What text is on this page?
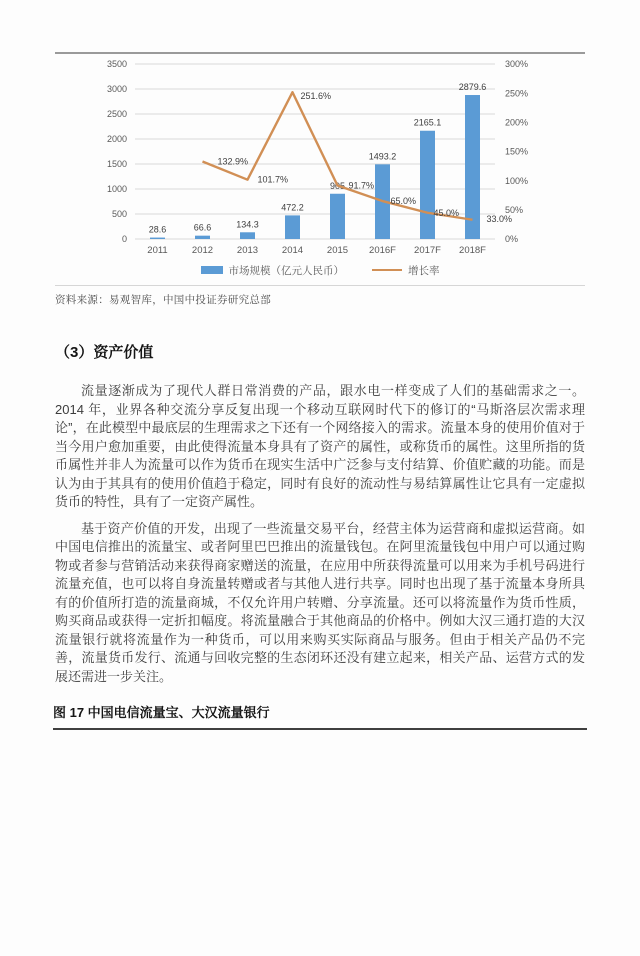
3500
3000
2500
2000
1500
1000
500
0
300%
250%
200%
150%
100%
50%
0%
2011	2012	2013	2014	2015 2016F 2017F 2018F
28.6	66.6	134.3
472.2
905
1493.2
2165.1
2879.6
132.9%
101.7%
251.6%
91.7%
65.0%
45.0%
33.0%
市场规模（亿元人民币）	增长率
资料来源：易观智库，中国中投证券研究总部
（3）资产价值

流量逐渐成为了现代人群日常消费的产品，跟水电一样变成了人们的基础需求之一。2014 年，业界各种交流分享反复出现一个移动互联网时代下的修订的“马斯洛层次需求理论”，在此模型中最底层的生理需求之下还有一个网络接入的需求。流量本身的使用价值对于当今用户愈加重要，由此使得流量本身具有了资产的属性，或称货币的属性。这里所指的货币属性并非人为流量可以作为货币在现实生活中广泛参与支付结算、价值贮藏的功能。而是认为由于其具有的使用价值趋于稳定，同时有良好的流动性与易结算属性让它具有一定虚拟货币的特性，具有了一定资产属性。

基于资产价值的开发，出现了一些流量交易平台，经营主体为运营商和虚拟运营商。如中国电信推出的流量宝、或者阿里巴巴推出的流量钱包。在阿里流量钱包中用户可以通过购物或者参与营销活动来获得商家赠送的流量，在应用中所获得流量可以用来为手机号码进行流量充值，也可以将自身流量转赠或者与其他人进行共享。同时也出现了基于流量本身所具有的价值所打造的流量商城，不仅允许用户转赠、分享流量。还可以将流量作为货币性质，购买商品或获得一定折扣幅度。将流量融合于其他商品的价格中。例如大汉三通打造的大汉流量银行就将流量作为一种货币，可以用来购买实际商品与服务。但由于相关产品仍不完善，流量货币发行、流通与回收完整的生态闭环还没有建立起来，相关产品、运营方式的发展还需进一步关注。

图 17 中国电信流量宝、大汉流量银行
